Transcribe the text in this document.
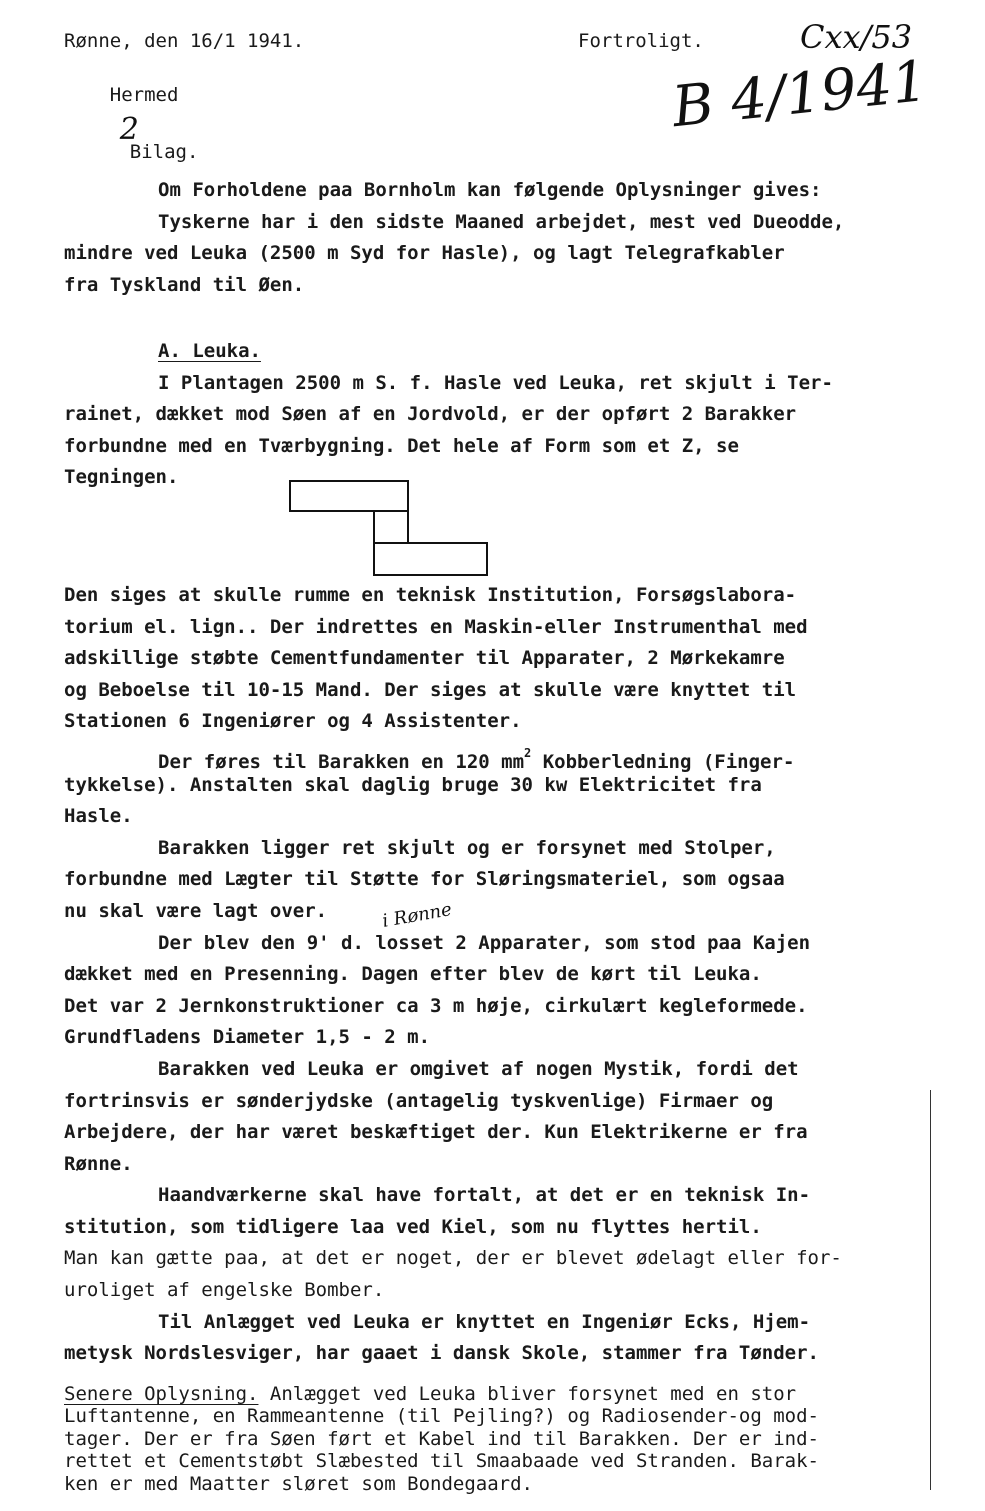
Rønne, den 16/1 1941.

Hermed
2
Bilag.

Fortroligt.	Cxx/53
B 4/1941
Om Forholdene paa Bornholm kan følgende Oplysninger gives:
Tyskerne har i den sidste Maaned arbejdet, mest ved Dueodde,
mindre ved Leuka (2500 m Syd for Hasle), og lagt Telegrafkabler
fra Tyskland til Øen.
A. Leuka.
I Plantagen 2500 m S. f. Hasle ved Leuka, ret skjult i Ter-
rainet, dækket mod Søen af en Jordvold, er der opført 2 Barakker
forbundne med en Tværbygning. Det hele af Form som et Z, se
Tegningen.
Den siges at skulle rumme en teknisk Institution, Forsøgslabora-
torium el. lign.. Der indrettes en Maskin-eller Instrumenthal med
adskillige støbte Cementfundamenter til Apparater, 2 Mørkekamre
og Beboelse til 10-15 Mand. Der siges at skulle være knyttet til
Stationen 6 Ingeniører og 4 Assistenter.
Der føres til Barakken en 120 $mm^2$ Kobberledning (Finger-
tykkelse). Anstalten skal daglig bruge 30 kw Elektricitet fra
Hasle.
Barakken ligger ret skjult og er forsynet med Stolper,
forbundne med Lægter til Støtte for Sløringsmateriel, som ogsaa
nu skal være lagt over.
Der blev den 9' d. losset 2 Apparater, som stod paa Kajen
dækket med en Presenning. Dagen efter blev de kørt til Leuka.
Det var 2 Jernkonstruktioner ca 3 m høje, cirkulært kegleformede.
Grundfladens Diameter 1,5 - 2 m.
Barakken ved Leuka er omgivet af nogen Mystik, fordi det
fortrinsvis er sønderjydske (antagelig tyskvenlige) Firmaer og
Arbejdere, der har været beskæftiget der. Kun Elektrikerne er fra
Rønne.
Haandværkerne skal have fortalt, at det er en teknisk In-
stitution, som tidligere laa ved Kiel, som nu flyttes hertil.
Man kan gætte paa, at det er noget, der er blevet ødelagt eller for-
uroliget af engelske Bomber.
Til Anlægget ved Leuka er knyttet en Ingeniør Ecks, Hjem-
metysk Nordslesviger, har gaaet i dansk Skole, stammer fra Tønder.
i Rønne
Senere Oplysning. Anlægget ved Leuka bliver forsynet med en stor
Luftantenne, en Rammeantenne (til Pejling?) og Radiosender-og mod-
tager. Der er fra Søen ført et Kabel ind til Barakken. Der er ind-
rettet et Cementstøbt Slæbested til Smaabaade ved Stranden. Barak-
ken er med Maatter sløret som Bondegaard.
